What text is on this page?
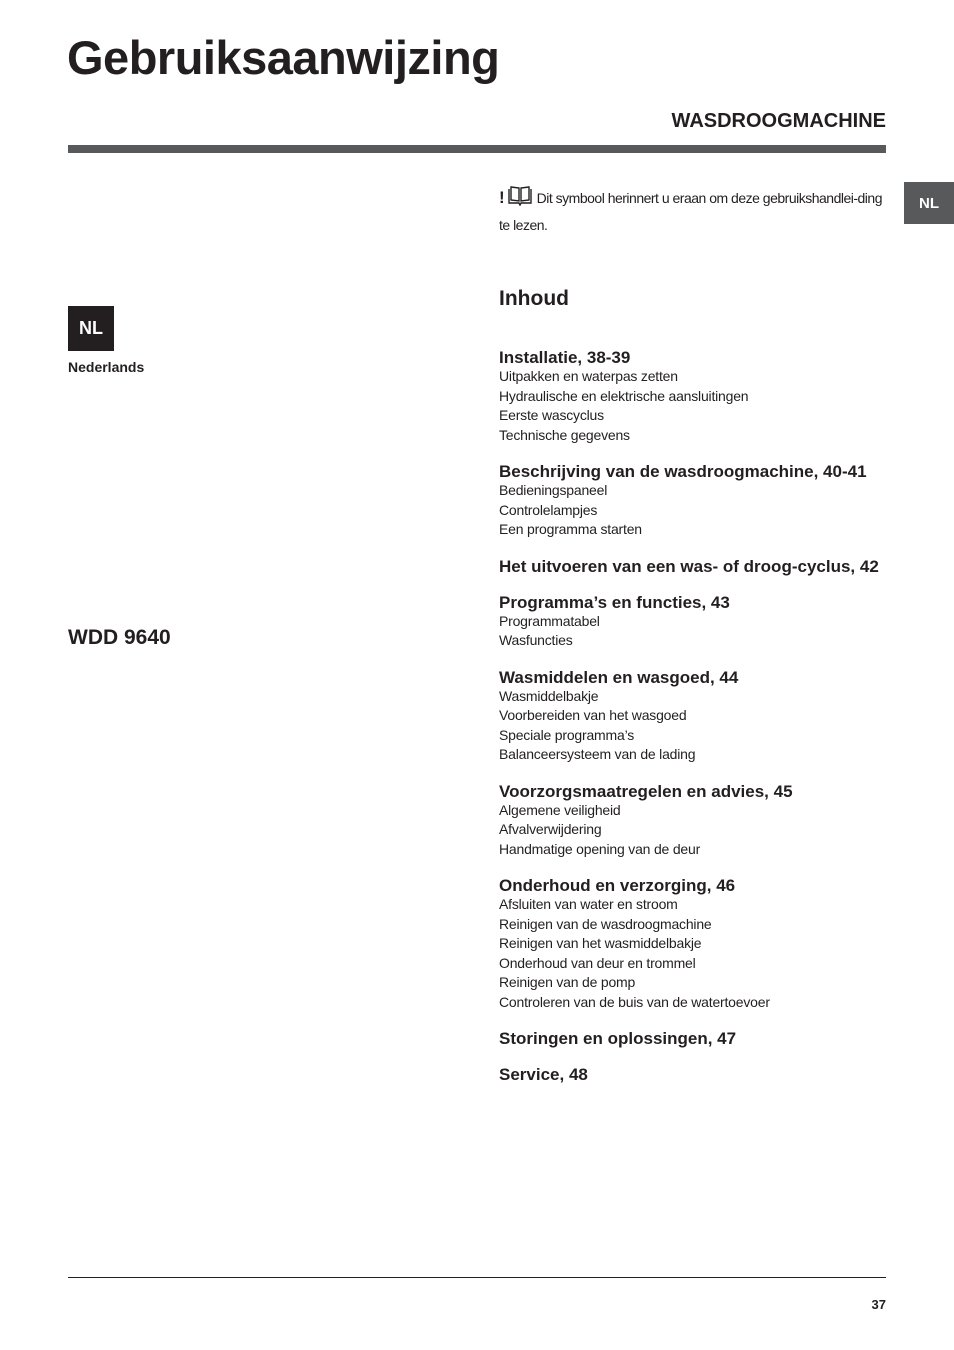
Gebruiksaanwijzing
WASDROOGMACHINE
NL
NL
Nederlands
WDD 9640
! Dit symbool herinnert u eraan om deze gebruikshandlei-ding te lezen.
Inhoud
Installatie, 38-39
Uitpakken en waterpas zetten
Hydraulische en elektrische aansluitingen
Eerste wascyclus
Technische gegevens
Beschrijving van de wasdroogmachine, 40-41
Bedieningspaneel
Controlelampjes
Een programma starten
Het uitvoeren van een was- of droog-cyclus, 42
Programma’s en functies, 43
Programmatabel
Wasfuncties
Wasmiddelen en wasgoed, 44
Wasmiddelbakje
Voorbereiden van het wasgoed
Speciale programma’s
Balanceersysteem van de lading
Voorzorgsmaatregelen en advies, 45
Algemene veiligheid
Afvalverwijdering
Handmatige opening van de deur
Onderhoud en verzorging, 46
Afsluiten van water en stroom
Reinigen van de wasdroogmachine
Reinigen van het wasmiddelbakje
Onderhoud van deur en trommel
Reinigen van de pomp
Controleren van de buis van de watertoevoer
Storingen en oplossingen, 47
Service, 48
37
